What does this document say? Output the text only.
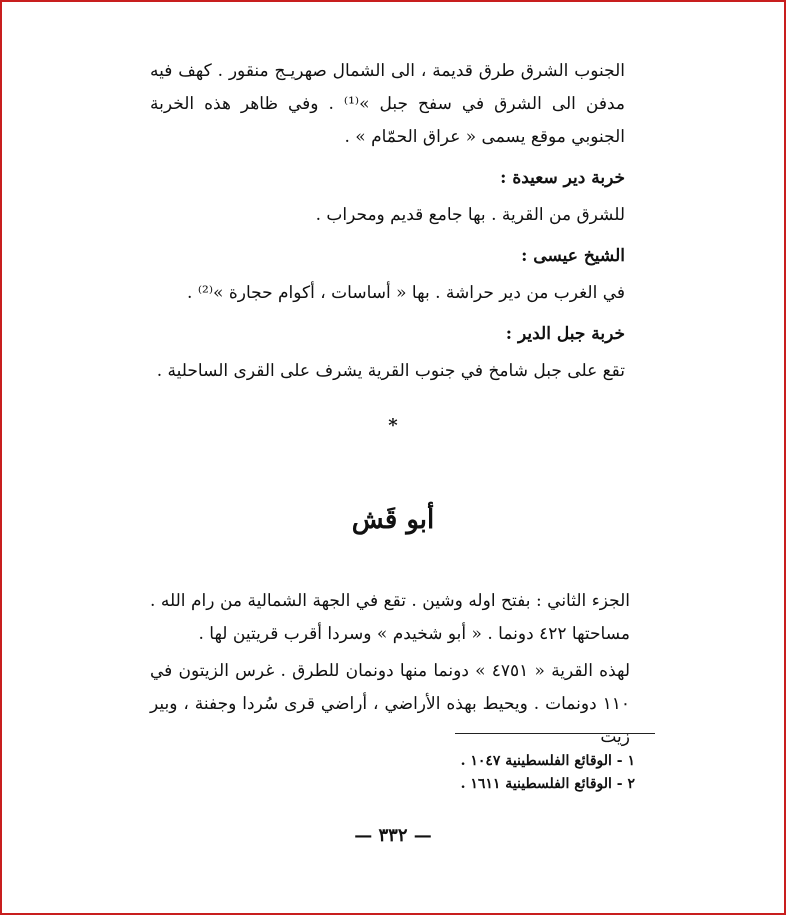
الجنوب الشرق طرق قديمة ، الى الشمال صهريـج منقور . كهف فيه مدفن الى الشرق في سفح جبل »⁽¹⁾ . وفي ظاهر هذه الخربة الجنوبي موقع يسمى « عراق الحمّام » .

خربة دير سعيدة :

للشرق من القرية . بها جامع قديم ومحراب .

الشيخ عيسى :

في الغرب من دير حراشة . بها « أساسات ، أكوام حجارة »⁽²⁾ .

خربة جبل الدير :

تقع على جبل شامخ في جنوب القرية يشرف على القرى الساحلية .

*
أبو قَش

الجزء الثاني : بفتح اوله وشين . تقع في الجهة الشمالية من رام الله . مساحتها ٤٢٢ دونما . « أبو شخيدم » وسردا أقرب قريتين لها .

لهذه القرية « ٤٧٥١ » دونما منها دونمان للطرق . غرس الزيتون في ١١٠ دونمات . ويحيط بهذه الأراضي ، أراضي قرى سُردا وجفنة ، وبير زيت

١ - الوقائع الفلسطينية ١٠٤٧ .
٢ - الوقائع الفلسطينية ١٦١١ .
— ٣٣٢ —
